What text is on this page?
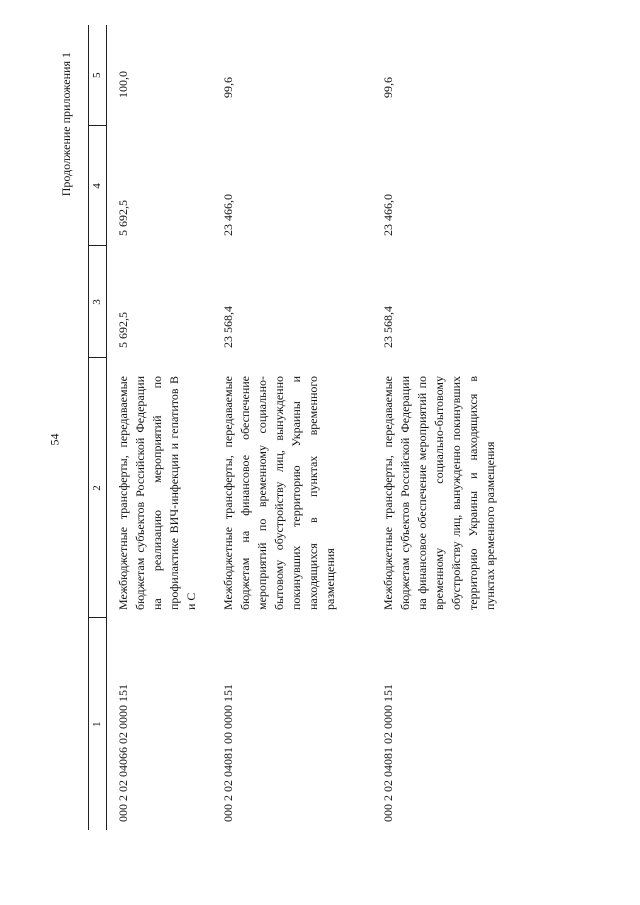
54
Продолжение приложения 1
1	2	3	4	5
000 2 02 04066 02 0000 151	Межбюджетные трансферты, передаваемые бюджетам субъектов Российской Федерации на реализацию мероприятий по профилактике ВИЧ-инфекции и гепатитов B и C	5 692,5	5 692,5	100,0
000 2 02 04081 00 0000 151	Межбюджетные трансферты, передаваемые бюджетам на финансовое обеспечение мероприятий по временному социально-бытовому обустройству лиц, вынужденно покинувших территорию Украины и находящихся в пунктах временного размещения	23 568,4	23 466,0	99,6
000 2 02 04081 02 0000 151	Межбюджетные трансферты, передаваемые бюджетам субъектов Российской Федерации на финансовое обеспечение мероприятий по временному социально-бытовому обустройству лиц, вынужденно покинувших территорию Украины и находящихся в пунктах временного размещения	23 568,4	23 466,0	99,6
